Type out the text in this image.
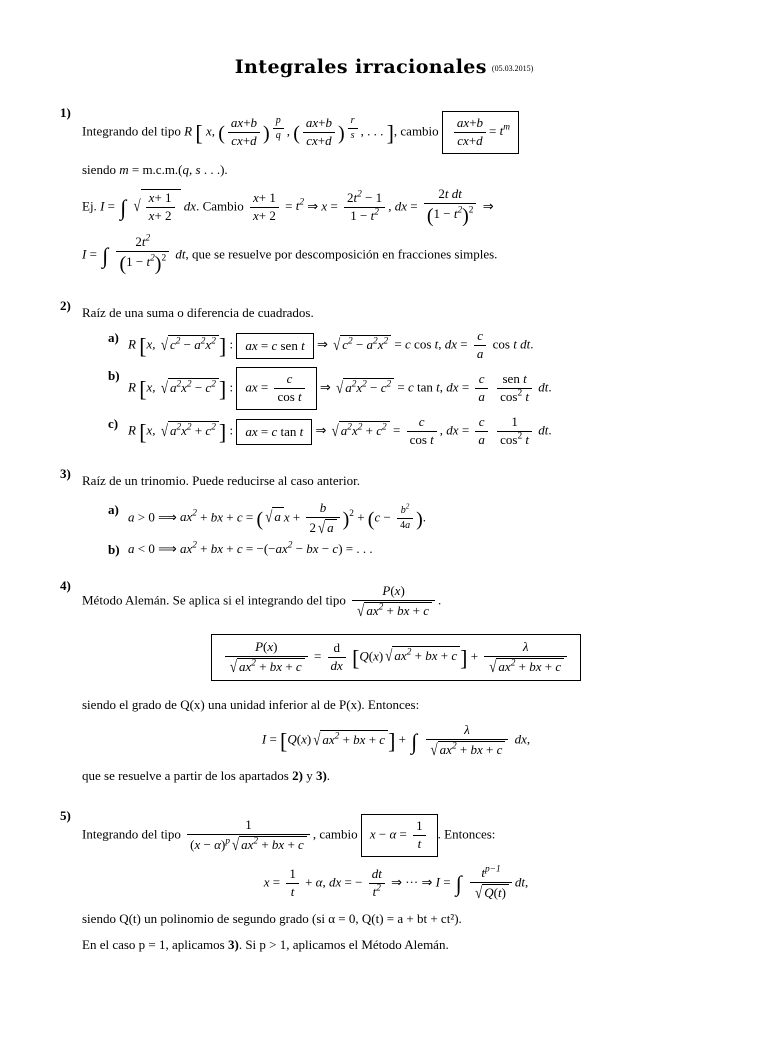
Integrales irracionales (05.03.2015)
1)
Integrando del tipo R [ x, ( $\frac{ax+b}{cx+d}$ ) $^{\frac{p}{q}}$ , ( $\frac{ax+b}{cx+d}$ ) $^{\frac{r}{s}}$ , . . . ], cambio $\frac{ax+b}{cx+d} = t^m$
siendo m = m.c.m.(q, s . . .).
Ej. I = ∫ √ $\frac{x+ 1}{x+ 2}$ dx. Cambio $\frac{x+ 1}{x+ 2} = t^2$ ⇒ $x = \frac{2t^2 - 1}{1 - t^2}$ , dx = $\frac{\text{2t dt}}{(1 - t^2)^2}$ ⇒
I = ∫ $\frac{2t^2}{(1 - t^2)^2}$ dt, que se resuelve por descomposición en fracciones simples.
2) Raíz de una suma o diferencia de cuadrados.
a) R [x, √ $c^2 - a^2x^2$ ] : ax = c sen t ⇒ √ $c^2 - a^2x^2 = c$ cos t, dx = $\frac{c}{a}$ cos t dt.
b)
R [x, √ $a^2x^2 - c^2$ ] : ax = $\frac{c}{\text{cos t}}$ ⇒ √ $a^2x^2 - c^2 = c$ tan t, dx = $\frac{c}{a}$
$\frac{\text{sen t}}{\cos^2 t}$ dt.
c) R [x, √ $a^2x^2 + c^2$ ] : ax = c tan t ⇒ √ $a^2x^2 + c^2 = \frac{c}{\text{cos t}}$ , dx = $\frac{c}{a}$
$\frac{1}{\cos^2 t}$ dt.
3) Raíz de un trinomio. Puede reducirse al caso anterior.
a) a > 0 ⟹ $ax^2$ + bx + c = ( √ a $x + \frac{b}{2 √ a} )^2 + (c - \frac{b^2}{4a}$ ).
b) a < 0 ⟹ $ax^2$ + bx + $c = -(-ax^2$ − bx − c) = . . .
4)
Método Alemán. Se aplica si el integrando del tipo $\frac{P(x)}{√ ax^2 + bx + c}$ .
$\frac{P(x)}{√ ax^2 + bx + c} = \frac{d}{dx} [Q(x)$ √ $ax^2$ + bx + c ] + $\frac{\lambda}{√ ax^2 + bx + c}$
siendo el grado de Q(x) una unidad inferior al de P(x). Entonces:
I = [Q(x) √ $ax^2$ + bx + c ] + ∫ $\frac{\lambda}{√ ax^2 + bx + c}$ dx,
que se resuelve a partir de los apartados 2) y 3).
5)
Integrando del tipo $\frac{1}{(x - \alpha)^p √ ax^2 + bx + c}$ , cambio $x - \alpha = \frac{1}{t}$ . Entonces:
$x = \frac{1}{t} + \alpha$, dx = − $\frac{dt}{t^2}$ ⇒ ··· ⇒ I = ∫ $\frac{t^{p-1}}{√ Q(t)}$ dt,
siendo Q(t) un polinomio de segundo grado (si α = 0, Q(t) = a + bt + ct²).
En el caso p = 1, aplicamos 3). Si p > 1, aplicamos el Método Alemán.
